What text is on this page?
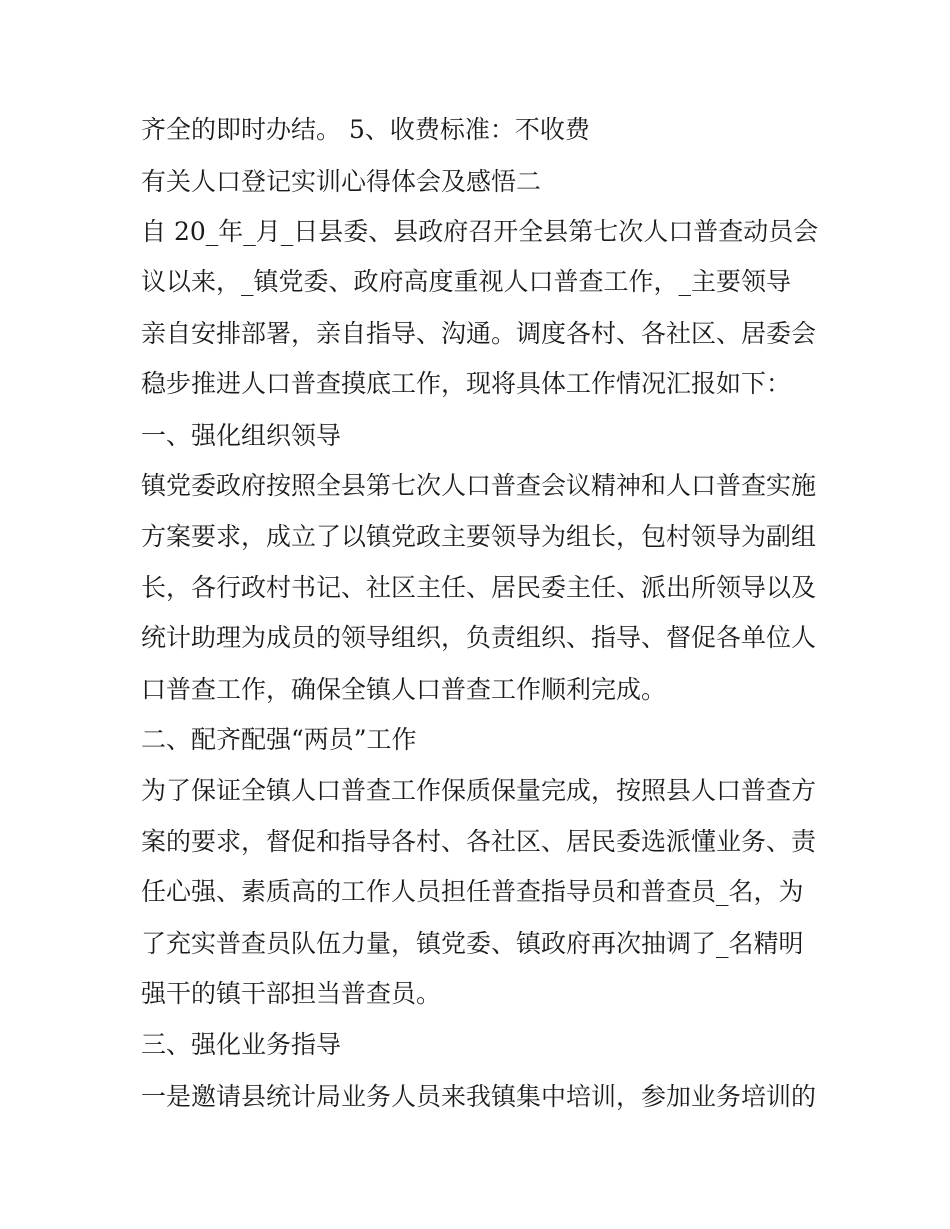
齐全的即时办结。 5、收费标准：不收费
有关人口登记实训心得体会及感悟二
自 20_年_月_日县委、县政府召开全县第七次人口普查动员会
议以来，_镇党委、政府高度重视人口普查工作，_主要领导
亲自安排部署，亲自指导、沟通。调度各村、各社区、居委会
稳步推进人口普查摸底工作，现将具体工作情况汇报如下：
一、强化组织领导
镇党委政府按照全县第七次人口普查会议精神和人口普查实施
方案要求，成立了以镇党政主要领导为组长，包村领导为副组
长，各行政村书记、社区主任、居民委主任、派出所领导以及
统计助理为成员的领导组织，负责组织、指导、督促各单位人
口普查工作，确保全镇人口普查工作顺利完成。
二、配齐配强“两员”工作
为了保证全镇人口普查工作保质保量完成，按照县人口普查方
案的要求，督促和指导各村、各社区、居民委选派懂业务、责
任心强、素质高的工作人员担任普查指导员和普查员_名，为
了充实普查员队伍力量，镇党委、镇政府再次抽调了_名精明
强干的镇干部担当普查员。
三、强化业务指导
一是邀请县统计局业务人员来我镇集中培训，参加业务培训的
